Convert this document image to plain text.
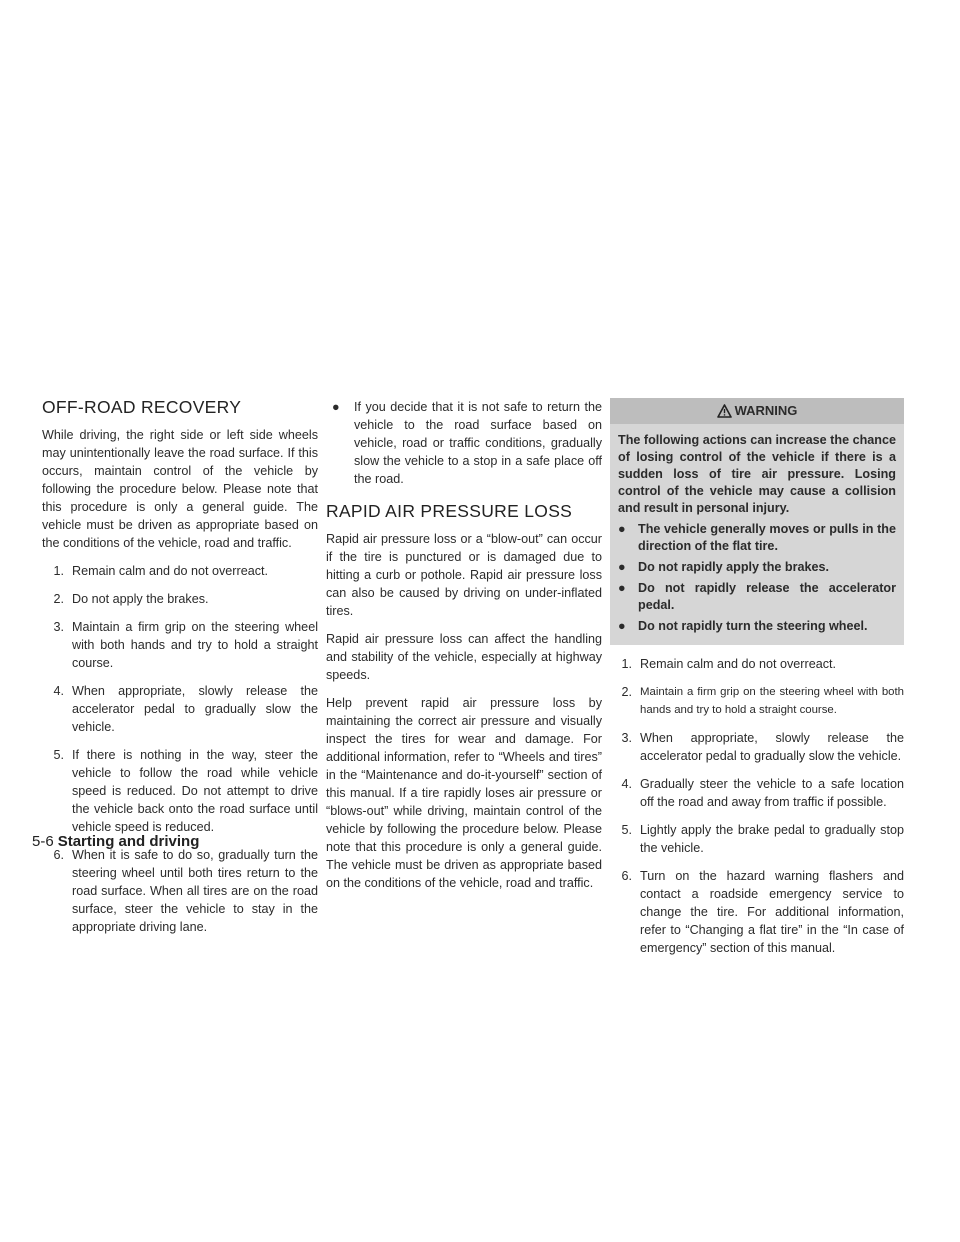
OFF-ROAD RECOVERY

While driving, the right side or left side wheels may unintentionally leave the road surface. If this occurs, maintain control of the vehicle by following the procedure below. Please note that this procedure is only a general guide. The vehicle must be driven as appropriate based on the conditions of the vehicle, road and traffic.

1. Remain calm and do not overreact.
2. Do not apply the brakes.
3. Maintain a firm grip on the steering wheel with both hands and try to hold a straight course.
4. When appropriate, slowly release the accelerator pedal to gradually slow the vehicle.
5. If there is nothing in the way, steer the vehicle to follow the road while vehicle speed is reduced. Do not attempt to drive the vehicle back onto the road surface until vehicle speed is reduced.
6. When it is safe to do so, gradually turn the steering wheel until both tires return to the road surface. When all tires are on the road surface, steer the vehicle to stay in the appropriate driving lane.
● If you decide that it is not safe to return the vehicle to the road surface based on vehicle, road or traffic conditions, gradually slow the vehicle to a stop in a safe place off the road.
RAPID AIR PRESSURE LOSS

Rapid air pressure loss or a “blow-out” can occur if the tire is punctured or is damaged due to hitting a curb or pothole. Rapid air pressure loss can also be caused by driving on under-inflated tires.

Rapid air pressure loss can affect the handling and stability of the vehicle, especially at highway speeds.

Help prevent rapid air pressure loss by maintaining the correct air pressure and visually inspect the tires for wear and damage. For additional information, refer to “Wheels and tires” in the “Maintenance and do-it-yourself” section of this manual. If a tire rapidly loses air pressure or “blows-out” while driving, maintain control of the vehicle by following the procedure below. Please note that this procedure is only a general guide. The vehicle must be driven as appropriate based on the conditions of the vehicle, road and traffic.

WARNING

The following actions can increase the chance of losing control of the vehicle if there is a sudden loss of tire air pressure. Losing control of the vehicle may cause a collision and result in personal injury.

● The vehicle generally moves or pulls in the direction of the flat tire.
● Do not rapidly apply the brakes.
● Do not rapidly release the accelerator pedal.
● Do not rapidly turn the steering wheel.
1. Remain calm and do not overreact.
2. Maintain a firm grip on the steering wheel with both hands and try to hold a straight course.
3. When appropriate, slowly release the accelerator pedal to gradually slow the vehicle.
4. Gradually steer the vehicle to a safe location off the road and away from traffic if possible.
5. Lightly apply the brake pedal to gradually stop the vehicle.
6. Turn on the hazard warning flashers and contact a roadside emergency service to change the tire. For additional information, refer to “Changing a flat tire” in the “In case of emergency” section of this manual.
5-6 Starting and driving
